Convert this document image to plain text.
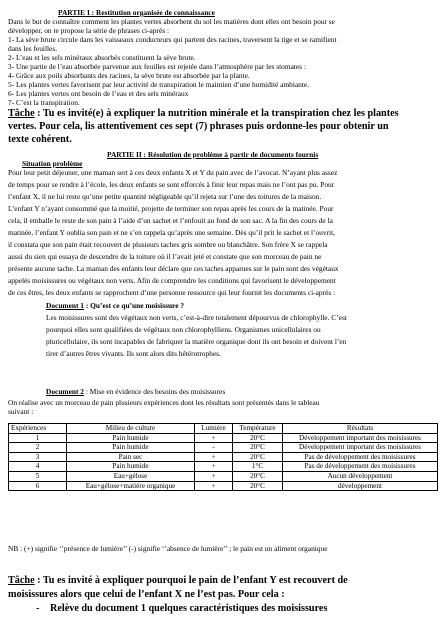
PARTIE I : Restitution organisée de connaissance
Dans le but de connaître comment les plantes vertes absorbent du sol les matières dont elles ont besoin pour se
développer, on te propose la série de phrases ci-après :
1- La sève brute circule dans les vaisseaux conducteurs qui partent des racines, traversent la tige et se ramifient
dans les feuilles.
2- L’eau et les sels minéraux absorbés constituent la sève brute.
3- Une partie de l’eau absorbée parvenue aux feuilles est rejetée dans l’atmosphère par les stomates :
4- Grâce aux poils absorbants des racines, la sève brute est absorbée par la plante.
5- Les plantes vertes favorisent par leur activité de transpiration le maintien d’une humidité ambiante.
6- Les plantes vertes ont besoin de l’eau et des sels minéraux
7- C’est la transpiration.
Tâche : Tu es invité(e) à expliquer la nutrition minérale et la transpiration chez les plantes
vertes. Pour cela, lis attentivement ces sept (7) phrases puis ordonne-les pour obtenir un
texte cohérent.
PARTIE II : Résolution de problème à partir de documents fournis
Situation problème
Pour leur petit déjeuner, une maman sert à ces deux enfants X et Y du pain avec de l’avocat. N’ayant plus assez
de temps pour se rendre à l’école, les deux enfants se sont efforcés à finir leur repas mais ne l’ont pas pu. Pour
l’enfant X, il ne lui reste qu’une petite quantité négligeable qu’il rejeta sur l’une des toitures de la maison.
L’enfant Y n’ayant consommé que la moitié, projette de terminer son repas après les cours de la matinée. Pour
cela, il emballe le reste de son pain à l’aide d’un sachet et l’enfouit au fond de son sac. A la fin des cours de la
matinée, l’enfant Y oublia son pain et ne s’en rappela qu’après une semaine. Dès qu’il prit le sachet et l’ouvrit,
il constata que son pain était recouvert de plusieurs taches gris sombre ou blanchâtre. Son frère X se rappela
aussi du sien qui essaya de descendre de la toiture où il l’avait jeté et constate que son morceau de pain ne
présente aucune tache. La maman des enfants leur déclare que ces taches apparues sur le pain sont des végétaux
appelés moisissures ou végétaux non verts. Afin de comprendre les conditions qui favorisent le développement
de ces êtres, les deux enfants se rapprochent d’une personne ressource qui leur fournit les documents ci-après :
Document 1 : Qu’est ce qu’une moisissure ?
Les moisissures sont des végétaux non verts, c’est-à-dire totalement dépourvus de chlorophylle. C’est
pourquoi elles sont qualifiées de végétaux non chlorophylliens. Organismes unicellulaires ou
pluricellulaire, ils sont incapables de fabriquer la matière organique dont ils ont besoin et doivent l’en
tirer d’autres êtres vivants. Ils sont alors dits hétérotrophes.
Document 2 : Mise en évidence des besoins des moisissures
On réalise avec un morceau de pain plusieurs expériences dont les résultats sont présentés dans le tableau
suivant :
Expériences	Milieu de culture	Lumière	Température	Résultats
1	Pain humide	+	20°C	Développement important des moisissures
2	Pain humide	-	20°C	Développement important des moisissures
3	Pain sec	+	20°C	Pas de développement des moisissures
4	Pain humide	+	1°C	Pas de développement des moisissures
5	Eau+gélose	+	20°C	Aucun développement
6	Eau+gélose+matière organique	+	20°C	développement
NB : (+) signifie ‘’présence de lumière’’ (-) signifie ‘’absence de lumière’’ ; le pain est un aliment organique
Tâche : Tu es invité à expliquer pourquoi le pain de l’enfant Y est recouvert de
moisissures alors que celui de l’enfant X ne l’est pas. Pour cela :
- Relève du document 1 quelques caractéristiques des moisissures
